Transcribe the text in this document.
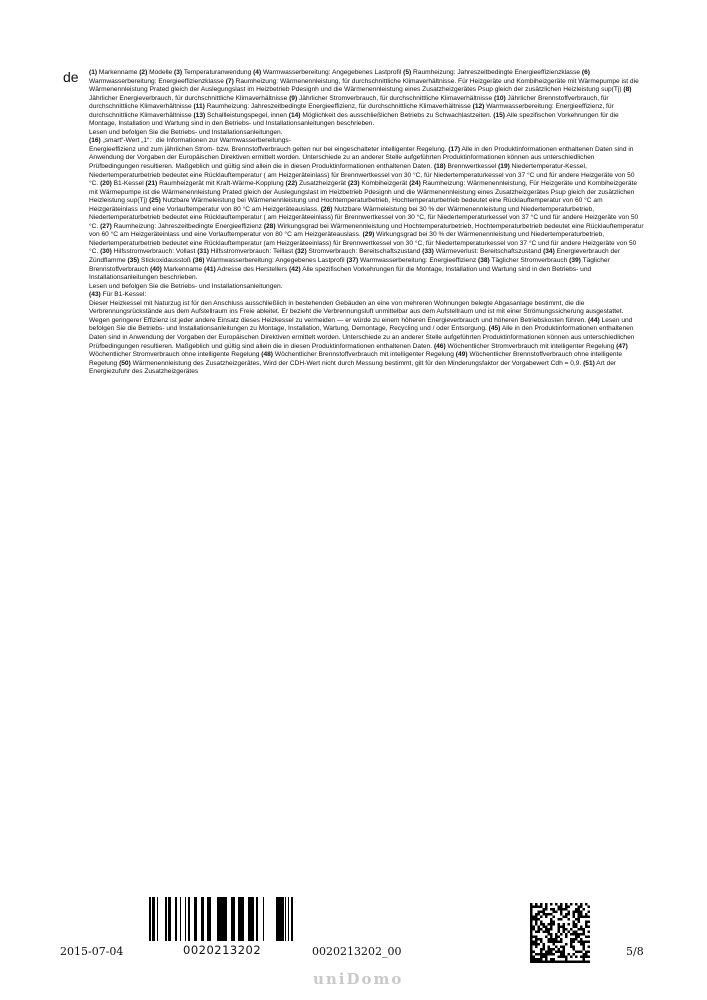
de (1) Markenname (2) Modelle (3) Temperaturanwendung (4) Warmwasserbereitung: Angegebenes Lastprofil (5) Raumheizung: Jahreszeitbedingte Energieeffizienzklasse (6) Warmwasserbereitung: Energieeffizienzklasse (7) Raumheizung: Wärmenennleistung, für durchschnittliche Klimaverhältnisse. Für Heizgeräte und Kombiheizgeräte mit Wärmepumpe ist die Wärmenennleistung Prated gleich der Auslegungslast im Heizbetrieb Pdesignh und die Wärmenennleistung eines Zusatzheizgerätes Psup gleich der zusätzlichen Heizleistung sup(Tj) (8) Jährlicher Energieverbrauch, für durchschnittliche Klimaverhältnisse (9) Jährlicher Stromverbrauch, für durchschnittliche Klimaverhältnisse (10) Jährlicher Brennstoffverbrauch, für durchschnittliche Klimaverhältnisse (11) Raumheizung: Jahreszeitbedingte Energieeffizienz, für durchschnittliche Klimaverhältnisse (12) Warmwasserbereitung: Energieeffizienz, für durchschnittliche Klimaverhältnisse (13) Schallleistungspegel, innen (14) Möglichkeit des ausschließlichen Betriebs zu Schwachlastzeiten. (15) Alle spezifischen Vorkehrungen für die Montage, Installation und Wartung sind in den Betriebs- und Installationsanleitungen beschrieben.

Lesen und befolgen Sie die Betriebs- und Installationsanleitungen.

(16) „smart“-Wert „1“：die Informationen zur Warmwasserbereitungs-

Energieeffizienz und zum jährlichen Strom- bzw. Brennstoffverbrauch gelten nur bei eingeschalteter intelligenter Regelung. (17) Alle in den Produktinformationen enthaltenen Daten sind in Anwendung der Vorgaben der Europäischen Direktiven ermittelt worden. Unterschiede zu an anderer Stelle aufgeführten Produktinformationen können aus unterschiedlichen Prüfbedingungen resultieren. Maßgeblich und gültig sind allein die in diesen Produktinformationen enthaltenen Daten. (18) Brennwertkessel (19) Niedertemperatur-Kessel, Niedertemperaturbetrieb bedeutet eine Rücklauftemperatur ( am Heizgeräteinlass) für Brennwertkessel von 30 °C, für Niedertemperaturkessel von 37 °C und für andere Heizgeräte von 50 °C. (20) B1-Kessel (21) Raumheizgerät mit Kraft-Wärme-Kopplung (22) Zusatzheizgerät (23) Kombiheizgerät (24) Raumheizung: Wärmenennleistung, Für Heizgeräte und Kombiheizgeräte mit Wärmepumpe ist die Wärmenennleistung Prated gleich der Auslegungslast im Heizbetrieb Pdesignh und die Wärmenennleistung eines Zusatzheizgerätes Psup gleich der zusätzlichen Heizleistung sup(Tj) (25) Nutzbare Wärmeleistung bei Wärmenennleistung und Hochtemperaturbetrieb, Hochtemperaturbetrieb bedeutet eine Rücklauftemperatur von 60 °C am Heizgeräteinlass und eine Vorlauftemperatur von 80 °C am Heizgeräteauslass. (26) Nutzbare Wärmeleistung bei 30 % der Wärmenennleistung und Niedertemperaturbetrieb, Niedertemperaturbetrieb bedeutet eine Rücklauftemperatur ( am Heizgeräteeinlass) für Brennwertkessel von 30 °C, für Niedertemperaturkessel von 37 °C und für andere Heizgeräte von 50 °C. (27) Raumheizung: Jahreszeitbedingte Energieeffizienz (28) Wirkungsgrad bei Wärmenennleistung und Hochtemperaturbetrieb, Hochtemperaturbetrieb bedeutet eine Rücklauftemperatur von 60 °C am Heizgeräteinlass und eine Vorlauftemperatur von 80 °C am Heizgeräteauslass. (29) Wirkungsgrad bei 30 % der Wärmenennleistung und Niedertemperaturbetrieb, Niedertemperaturbetrieb bedeutet eine Rücklauftemperatur (am Heizgeräteeinlass) für Brennwertkessel von 30 °C, für Niedertemperaturkessel von 37 °C und für andere Heizgeräte von 50 °C. (30) Hilfsstromverbrauch: Vollast (31) Hilfsstromverbrauch: Teillast (32) Stromverbrauch: Bereitschaftszustand (33) Wärmeverlust: Bereitschaftszustand (34) Energieverbrauch der Zündflamme (35) Stickoxidausstoß (36) Warmwasserbereitung: Angegebenes Lastprofil (37) Warmwasserbereitung: Energieeffizienz (38) Täglicher Stromverbrauch (39) Täglicher Brennstoffverbrauch (40) Markenname (41) Adresse des Herstellers (42) Alle spezifischen Vorkehrungen für die Montage, Installation und Wartung sind in den Betriebs- und Installationsanleitungen beschrieben.

Lesen und befolgen Sie die Betriebs- und Installationsanleitungen.

(43) Für B1-Kessel:

Dieser Heizkessel mit Naturzug ist für den Anschluss ausschließlich in bestehenden Gebäuden an eine von mehreren Wohnungen belegte Abgasanlage bestimmt, die die Verbrennungsrückstände aus dem Aufstellraum ins Freie ableitet. Er bezieht die Verbrennungsluft unmittelbar aus dem Aufstellraum und ist mit einer Strömungssicherung ausgestattet. Wegen geringerer Effizienz ist jeder andere Einsatz dieses Heizkessel zu vermeiden — er würde zu einem höheren Energieverbrauch und höheren Betriebskosten führen. (44) Lesen und befolgen Sie die Betriebs- und Installationsanleitungen zu Montage, Installation, Wartung, Demontage, Recycling und / oder Entsorgung. (45) Alle in den Produktinformationen enthaltenen Daten sind in Anwendung der Vorgaben der Europäischen Direktiven ermittelt worden. Unterschiede zu an anderer Stelle aufgeführten Produktinformationen können aus unterschiedlichen Prüfbedingungen resultieren. Maßgeblich und gültig sind allein die in diesen Produktinformationen enthaltenen Daten. (46) Wöchentlicher Stromverbrauch mit intelligenter Regelung (47) Wöchentlicher Stromverbrauch ohne intelligente Regelung (48) Wöchentlicher Brennstoffverbrauch mit intelligenter Regelung (49) Wöchentlicher Brennstoffverbrauch ohne intelligente Regelung (50) Wärmenennleistung des Zusatzheizgerätes, Wird der CDH-Wert nicht durch Messung bestimmt, gilt für den Minderungsfaktor der Vorgabewert Cdh = 0,9. (51) Art der Energiezufuhr des Zusatzheizgerätes

2015-07-04	0020213202	0020213202_00	5/8
uniDomo
